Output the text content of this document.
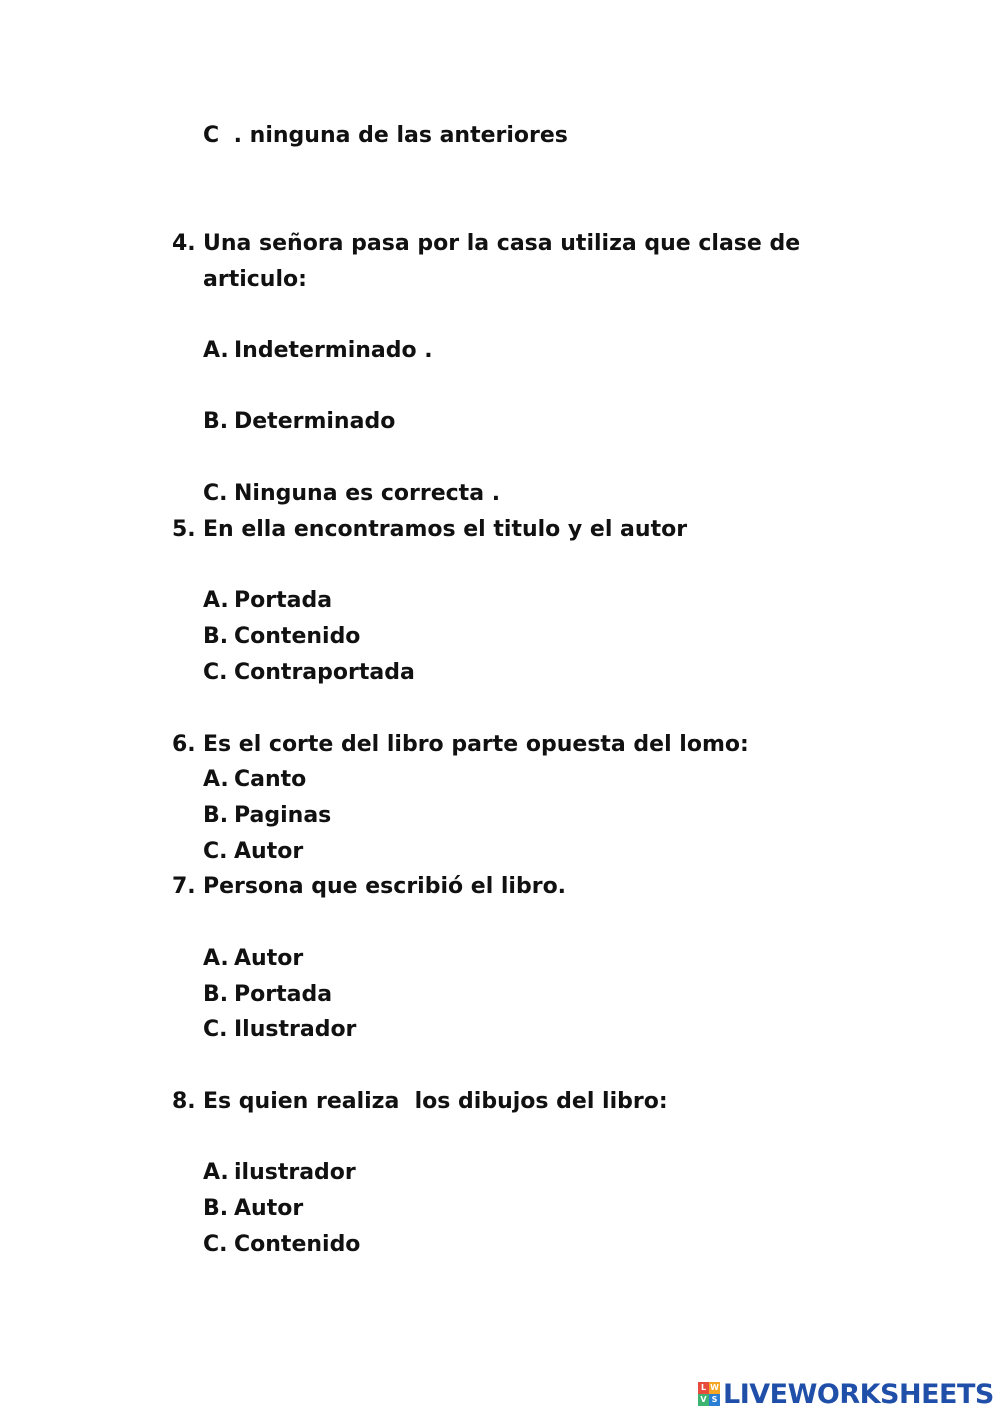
C . ninguna de las anteriores
4. Una señora pasa por la casa utiliza que clase de
articulo:
A. Indeterminado .
B. Determinado
C. Ninguna es correcta .
5. En ella encontramos el titulo y el autor
A. Portada
B. Contenido
C. Contraportada
6. Es el corte del libro parte opuesta del lomo:
A. Canto
B. Paginas
C. Autor
7. Persona que escribió el libro.
A. Autor
B. Portada
C. Ilustrador
8. Es quien realiza  los dibujos del libro:
A. ilustrador
B. Autor
C. Contenido
L W
V S LIVEWORKSHEETS
